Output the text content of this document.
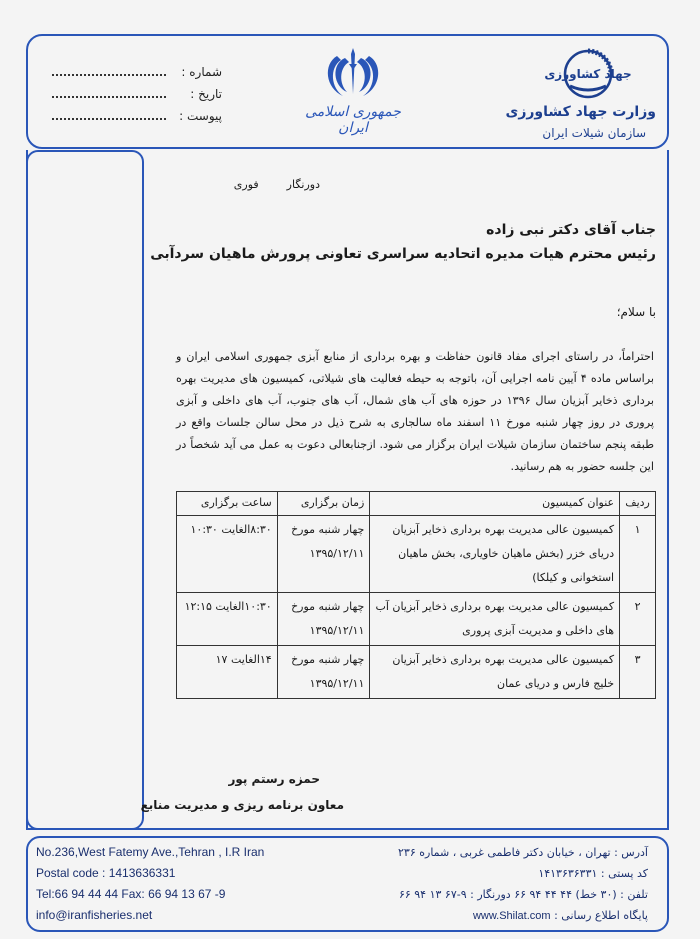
شماره :
تاریخ :
پیوست :	جمهوری اسلامی ایران
جهاد کشاورزی
وزارت جهاد کشاورزی
سازمان شیلات ایران
دورنگار
فوری
جناب آقای دکتر نبی زاده
رئیس محترم هیات مدیره اتحادیه سراسری تعاونی پرورش ماهیان سردآبی
با سلام؛
احتراماً، در راستای اجرای مفاد قانون حفاظت و بهره برداری از منابع آبزی جمهوری اسلامی ایران و براساس ماده ۴ آیین نامه اجرایی آن، باتوجه به حیطه فعالیت های شیلاتی، کمیسیون های مدیریت بهره برداری ذخایر آبزیان سال ۱۳۹۶ در حوزه های آب های شمال، آب های جنوب، آب های داخلی و آبزی پروری در روز چهار شنبه مورخ ۱۱ اسفند ماه سالجاری به شرح ذیل در محل سالن جلسات واقع در طبقه پنجم ساختمان سازمان شیلات ایران برگزار می شود. ازجنابعالی دعوت به عمل می آید شخصاً در این جلسه حضور به هم رسانید.
ردیف	عنوان کمیسیون	زمان برگزاری	ساعت برگزاری
۱	کمیسیون عالی مدیریت بهره برداری ذخایر آبزیان دریای خزر (بخش ماهیان خاویاری، بخش ماهیان استخوانی و کیلکا)	چهار شنبه مورخ ۱۳۹۵/۱۲/۱۱	۸:۳۰الغایت ۱۰:۳۰
۲	کمیسیون عالی مدیریت بهره برداری ذخایر آبزیان آب های داخلی و مدیریت آبزی پروری	چهار شنبه مورخ ۱۳۹۵/۱۲/۱۱	۱۰:۳۰الغایت ۱۲:۱۵
۳	کمیسیون عالی مدیریت بهره برداری ذخایر آبزیان خلیج فارس و دریای عمان	چهار شنبه مورخ ۱۳۹۵/۱۲/۱۱	۱۴الغایت ۱۷
حمزه رستم پور
معاون برنامه ریزی و مدیریت منابع
No.236,West Fatemy Ave.,Tehran , I.R Iran
Postal code : 1413636331
Tel:66 94 44 44 Fax: 66 94 13 67 -9
info@iranfisheries.net
آدرس : تهران ، خیابان دکتر فاطمی غربی ، شماره ۲۳۶
کد پستی : ۱۴۱۳۶۳۶۳۳۱
تلفن : (۳۰ خط) ۴۴ ۴۴ ۹۴ ۶۶ دورنگار : ۹-۶۷ ۱۳ ۹۴ ۶۶
پایگاه اطلاع رسانی : www.Shilat.com
